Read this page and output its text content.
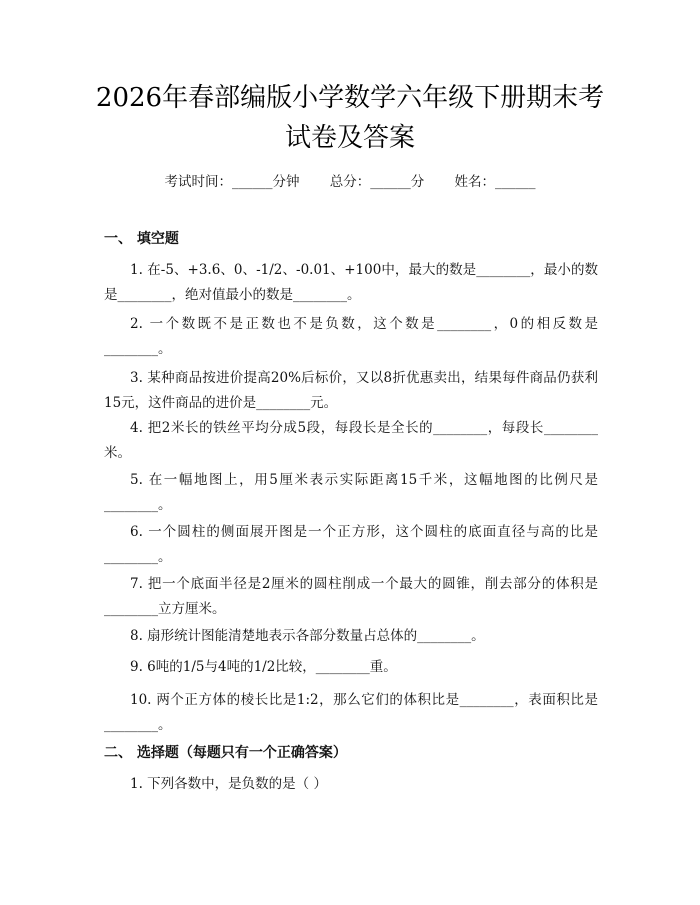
2026年春部编版小学数学六年级下册期末考
试卷及答案
考试时间：______分钟 总分：______分 姓名：______
一、 填空题
1. 在-5、+3.6、0、-1/2、-0.01、+100中，最大的数是________，最小的数是________，绝对值最小的数是________。
2. 一个数既不是正数也不是负数，这个数是________，0的相反数是________。
3. 某种商品按进价提高20%后标价，又以8折优惠卖出，结果每件商品仍获利15元，这件商品的进价是________元。
4. 把2米长的铁丝平均分成5段，每段长是全长的________，每段长________米。
5. 在一幅地图上，用5厘米表示实际距离15千米，这幅地图的比例尺是________。
6. 一个圆柱的侧面展开图是一个正方形，这个圆柱的底面直径与高的比是________。
7. 把一个底面半径是2厘米的圆柱削成一个最大的圆锥，削去部分的体积是________立方厘米。
8. 扇形统计图能清楚地表示各部分数量占总体的________。
9. 6吨的1/5与4吨的1/2比较，________重。
10. 两个正方体的棱长比是1:2，那么它们的体积比是________，表面积比是________。
二、 选择题（每题只有一个正确答案）
1. 下列各数中，是负数的是（ ）
